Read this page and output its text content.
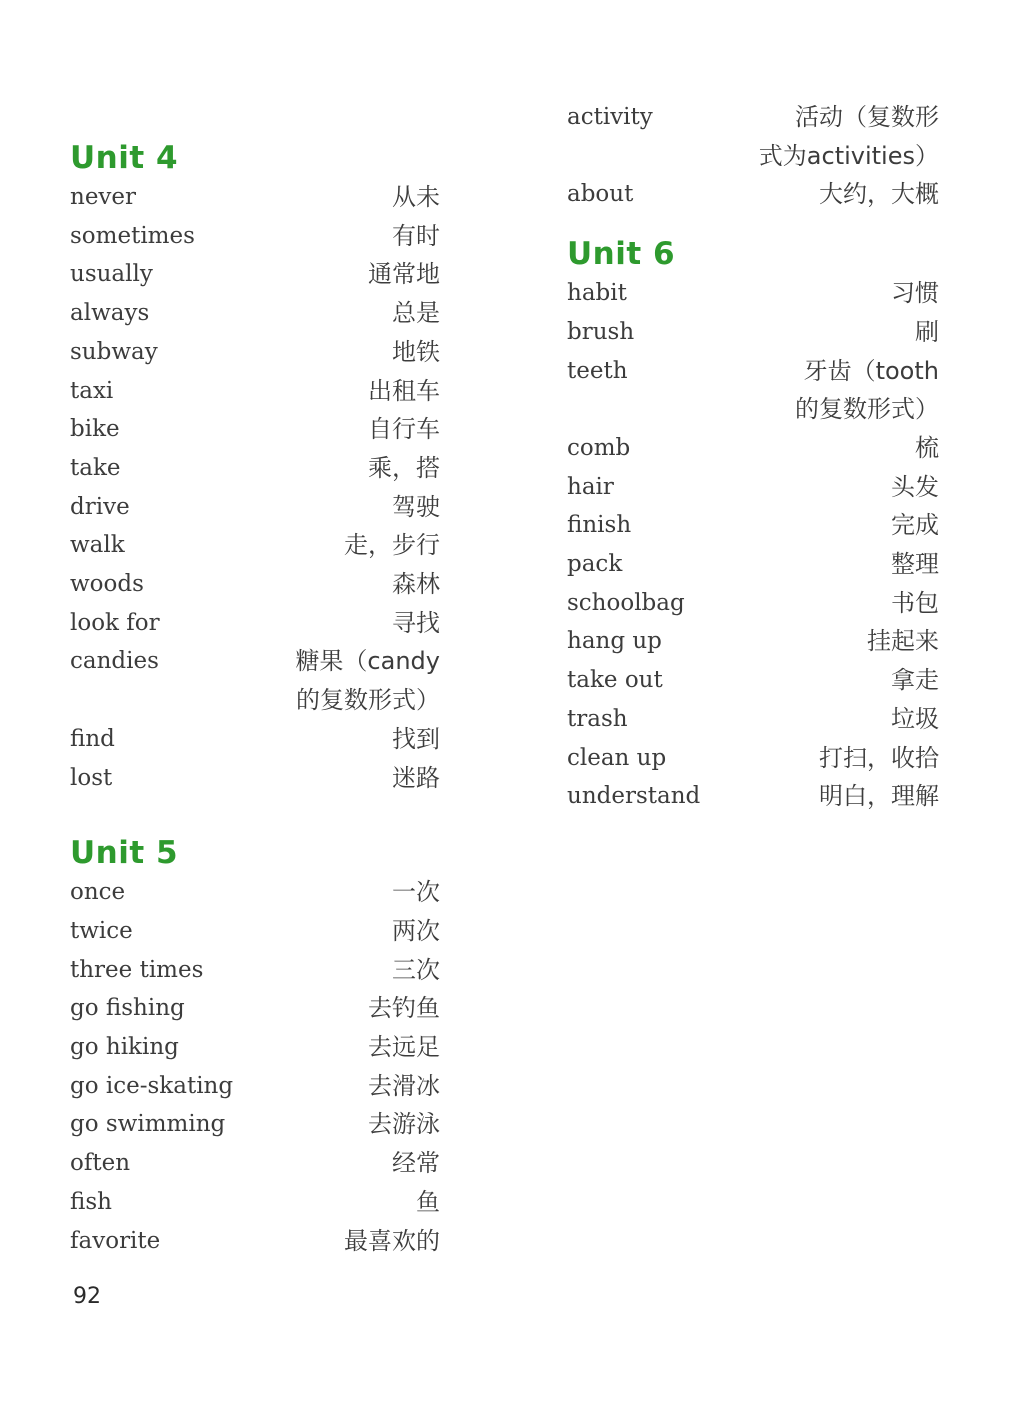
Unit 4
never	从未
sometimes	有时
usually	通常地
always	总是
subway	地铁
taxi	出租车
bike	自行车
take	乘，搭
drive	驾驶
walk	走，步行
woods	森林
look for	寻找
candies	糖果（candy
的复数形式）
find	找到
lost	迷路
Unit 5
once	一次
twice	两次
three times	三次
go fishing	去钓鱼
go hiking	去远足
go ice-skating	去滑冰
go swimming	去游泳
often	经常
fish	鱼
favorite	最喜欢的
activity	活动（复数形
式为activities）
about	大约，大概
Unit 6
habit	习惯
brush	刷
teeth	牙齿（tooth
的复数形式）
comb	梳
hair	头发
finish	完成
pack	整理
schoolbag	书包
hang up	挂起来
take out	拿走
trash	垃圾
clean up	打扫，收拾
understand	明白，理解
92
